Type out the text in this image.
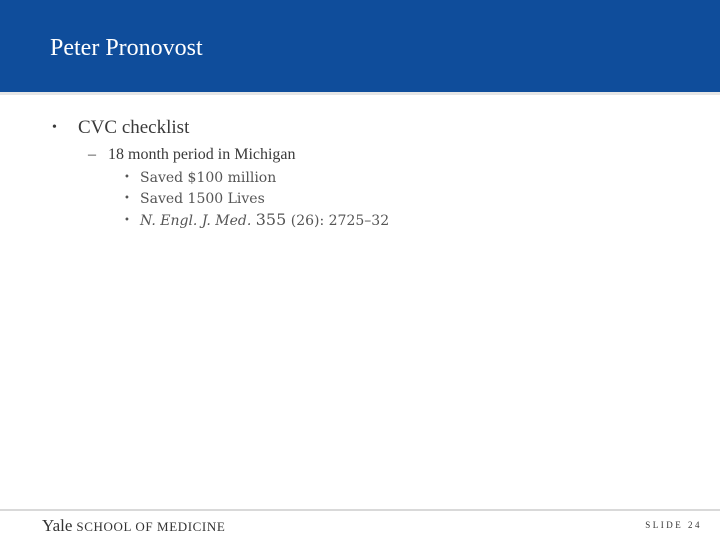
Peter Pronovost
• CVC checklist
– 18 month period in Michigan
• Saved $100 million
• Saved 1500 Lives
• N. Engl. J. Med. 355 (26): 2725–32
Yale SCHOOL OF MEDICINE	SLIDE 24
